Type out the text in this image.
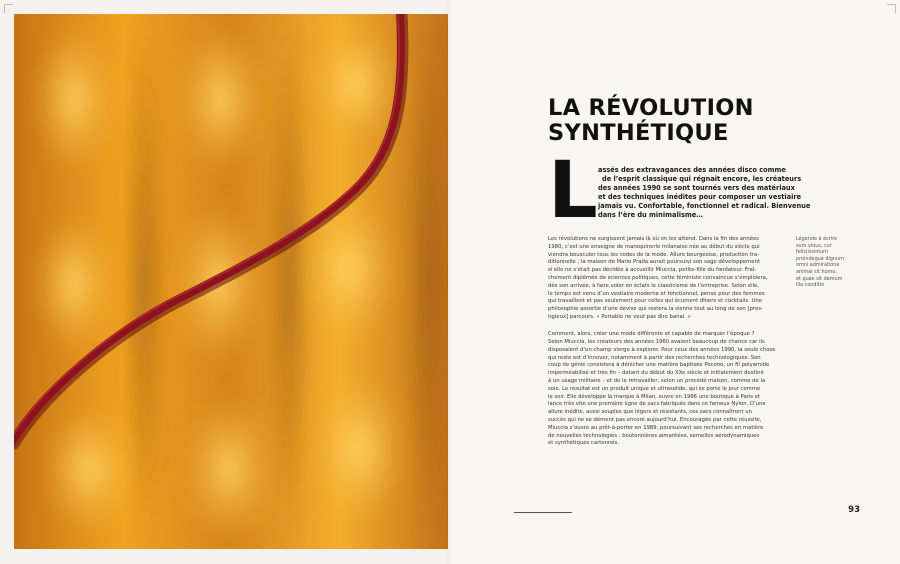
LA RÉVOLUTION
SYNTHÉTIQUE
L assés des extravagances des années disco comme
de l’esprit classique qui régnait encore, les créateurs
des années 1990 se sont tournés vers des matériaux
et des techniques inédites pour composer un vestiaire
jamais vu. Confortable, fonctionnel et radical. Bienvenue
dans l’ère du minimalisme…

Les révolutions ne surgissent jamais là où on les attend. Dans la fin des années
1980, c’est une enseigne de maroquinerie milanaise née au début du siècle qui
viendra bousculer tous les codes de la mode. Allure bourgeoise, production tra-
ditionnelle ; la maison de Mario Prada aurait poursuivi son sage développement
si elle ne s’était pas décidée à accueillir Miuccia, petite-fille du fondateur. Fraî-
chement diplômée de sciences politiques, cette féministe convaincue s’emploiera,
dès son arrivée, à faire voler en éclats le classicisme de l’entreprise. Selon elle,
le temps est venu d’un vestiaire moderne et fonctionnel, pensé pour des femmes
qui travaillent et pas seulement pour celles qui écument dîners et cocktails. Une
philosophie assortie d’une devise qui restera la sienne tout au long de son [pres-
tigieux] parcours. « Portable ne veut pas dire banal. »
Comment, alors, créer une mode différente et capable de marquer l’époque ?
Selon Miuccia, les créateurs des années 1960 avaient beaucoup de chance car ils
disposaient d’un champ vierge à explorer. Pour ceux des années 1990, la seule chose
qui reste est d’innover, notamment à partir des recherches technologiques. Son
coup de génie consistera à dénicher une matière baptisée Pocono, un fil polyamide
imperméabilisé et très fin – datant du début du XXe siècle et initialement destiné
à un usage militaire – et de le retravailler, selon un procédé maison, comme de la
soie. Le résultat est un produit unique et ultrasolide, qui se porte le jour comme
le soir. Elle développe la marque à Milan, ouvre en 1986 une boutique à Paris et
lance très vite une première ligne de sacs fabriqués dans ce fameux Nylon. D’une
allure inédite, aussi souples que légers et résistants, ces sacs connaîtront un
succès qui ne se dément pas encore aujourd’hui. Encouragée par cette réussite,
Miuccia s’ouvre au prêt-à-porter en 1989, poursuivant ses recherches en matière
de nouvelles technologies : boutonnières aimantées, semelles aérodynamiques
et synthétiques cartonnés.

Légende à écrire
sum vious, cur
feliciissimum
proindequé dignum
omni admiratione
animal sit homo,
et quae sit demum
illa conditio

93
